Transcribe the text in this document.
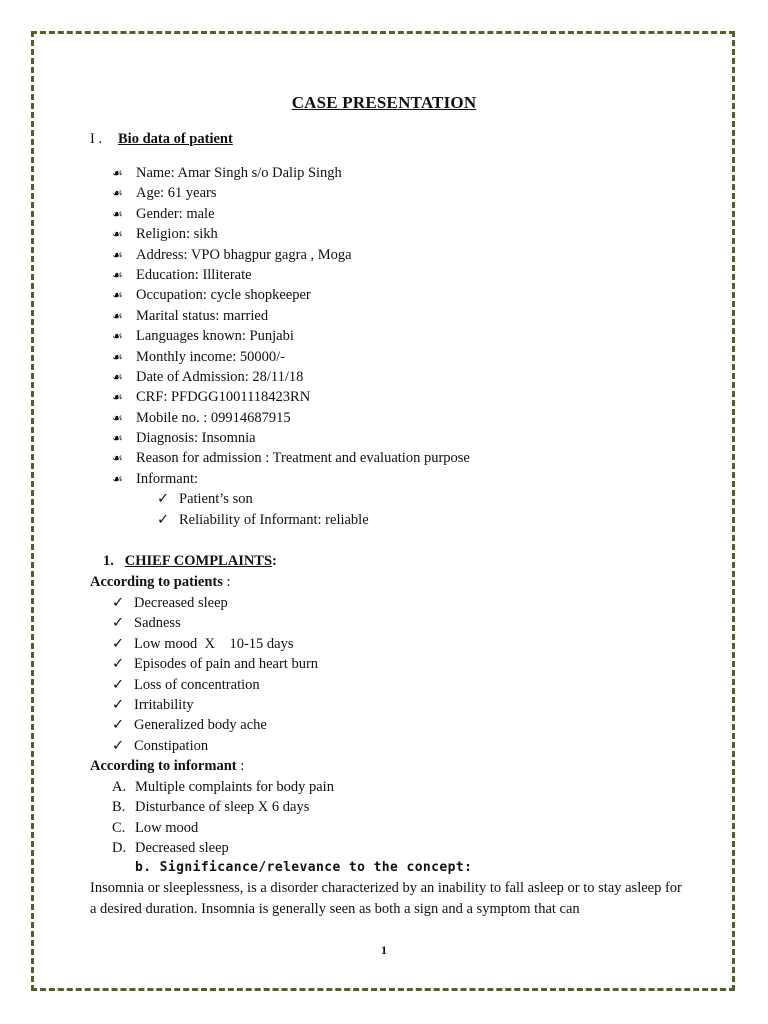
CASE PRESENTATION
I . Bio data of patient
☙ Name: Amar Singh s/o Dalip Singh
☙ Age: 61 years
☙ Gender: male
☙ Religion: sikh
☙ Address: VPO bhagpur gagra , Moga
☙ Education: Illiterate
☙ Occupation: cycle shopkeeper
☙ Marital status: married
☙ Languages known: Punjabi
☙ Monthly income: 50000/-
☙ Date of Admission: 28/11/18
☙ CRF: PFDGG1001118423RN
☙ Mobile no. : 09914687915
☙ Diagnosis: Insomnia
☙ Reason for admission : Treatment and evaluation purpose
☙ Informant:
✓ Patient’s son
✓ Reliability of Informant: reliable
1. CHIEF COMPLAINTS:
According to patients :
✓ Decreased sleep
✓ Sadness
✓ Low mood  X    10-15 days
✓ Episodes of pain and heart burn
✓ Loss of concentration
✓ Irritability
✓ Generalized body ache
✓ Constipation
According to informant :
A. Multiple complaints for body pain
B. Disturbance of sleep X 6 days
C. Low mood
D. Decreased sleep
b. Significance/relevance to the concept:
Insomnia or sleeplessness, is a disorder characterized by an inability to fall asleep or to stay asleep for a desired duration. Insomnia is generally seen as both a sign and a symptom that can
1
